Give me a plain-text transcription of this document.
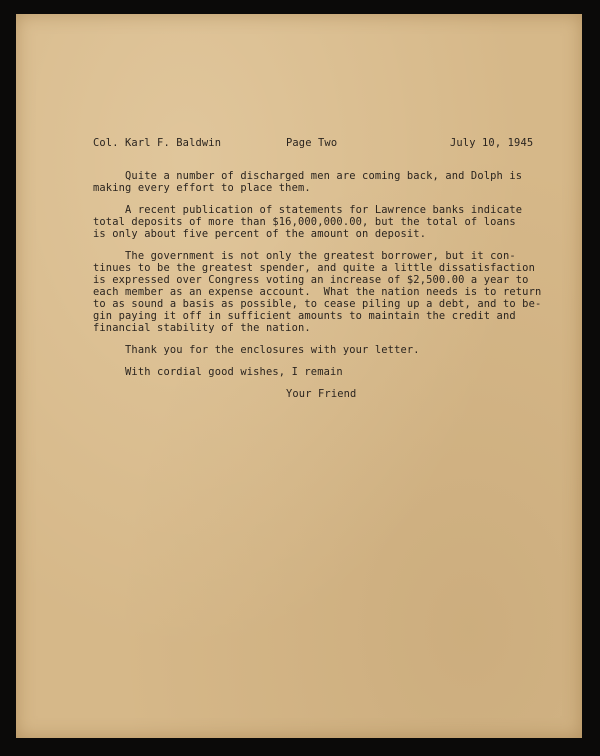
Col. Karl F. Baldwin	Page Two	July 10, 1945
Quite a number of discharged men are coming back, and Dolph is
making every effort to place them.
A recent publication of statements for Lawrence banks indicate
total deposits of more than $16,000,000.00, but the total of loans
is only about five percent of the amount on deposit.
The government is not only the greatest borrower, but it con-
tinues to be the greatest spender, and quite a little dissatisfaction
is expressed over Congress voting an increase of $2,500.00 a year to
each member as an expense account.  What the nation needs is to return
to as sound a basis as possible, to cease piling up a debt, and to be-
gin paying it off in sufficient amounts to maintain the credit and
financial stability of the nation.
Thank you for the enclosures with your letter.
With cordial good wishes, I remain
Your Friend
